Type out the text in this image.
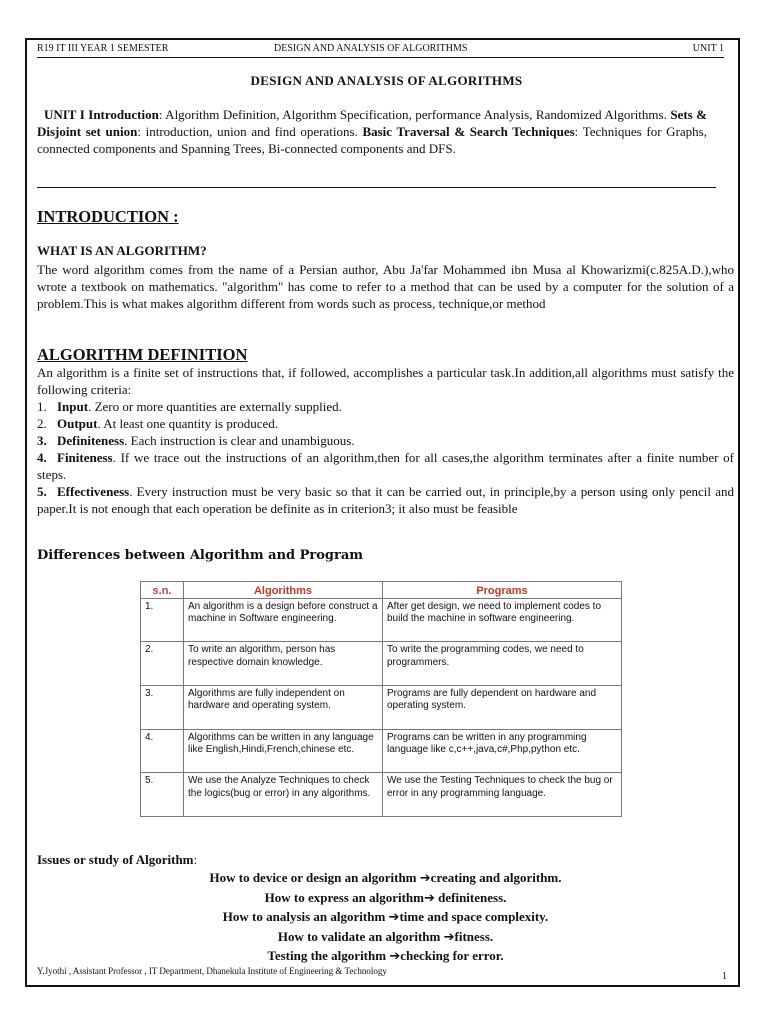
R19 IT III YEAR 1 SEMESTER	DESIGN AND ANALYSIS OF ALGORITHMS	UNIT 1
DESIGN AND ANALYSIS OF ALGORITHMS
UNIT I Introduction: Algorithm Definition, Algorithm Specification, performance Analysis, Randomized Algorithms. Sets & Disjoint set union: introduction, union and find operations. Basic Traversal & Search Techniques: Techniques for Graphs, connected components and Spanning Trees, Bi-connected components and DFS.
INTRODUCTION :
WHAT IS AN ALGORITHM?
The word algorithm comes from the name of a Persian author, Abu Ja'far Mohammed ibn Musa al Khowarizmi(c.825A.D.),who wrote a textbook on mathematics. "algorithm" has come to refer to a method that can be used by a computer for the solution of a problem.This is what makes algorithm different from words such as process, technique,or method
ALGORITHM DEFINITION
An algorithm is a finite set of instructions that, if followed, accomplishes a particular task.In addition,all algorithms must satisfy the following criteria:
1. Input. Zero or more quantities are externally supplied.
2. Output. At least one quantity is produced.
3. Definiteness. Each instruction is clear and unambiguous.
4. Finiteness. If we trace out the instructions of an algorithm,then for all cases,the algorithm terminates after a finite number of steps.
5. Effectiveness. Every instruction must be very basic so that it can be carried out, in principle,by a person using only pencil and paper.It is not enough that each operation be definite as in criterion3; it also must be feasible
Differences between Algorithm and Program
s.n.	Algorithms	Programs
1.	An algorithm is a design before construct a machine in Software engineering.	After get design, we need to implement codes to build the machine in software engineering.
2.	To write an algorithm, person has respective domain knowledge.	To write the programming codes, we need to programmers.
3.	Algorithms are fully independent on hardware and operating system.	Programs are fully dependent on hardware and operating system.
4.	Algorithms can be written in any language like English,Hindi,French,chinese etc.	Programs can be written in any programming language like c,c++,java,c#,Php,python etc.
5.	We use the Analyze Techniques to check the logics(bug or error) in any algorithms.	We use the Testing Techniques to check the bug or error in any programming language.
Issues or study of Algorithm:
How to device or design an algorithm ➔creating and algorithm.
How to express an algorithm➔ definiteness.
How to analysis an algorithm ➔time and space complexity.
How to validate an algorithm ➔fitness.
Testing the algorithm ➔checking for error.
Y.Jyothi , Assistant Professor , IT Department, Dhanekula Institute of Engineering & Technology	1
